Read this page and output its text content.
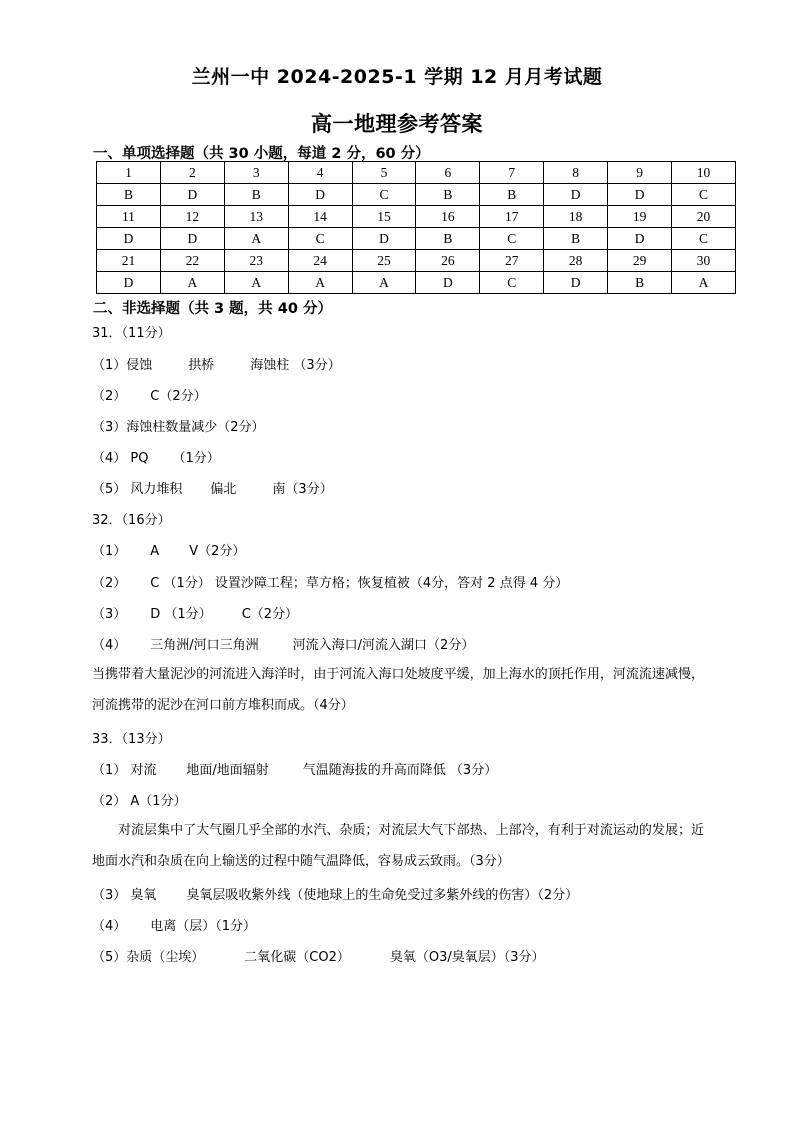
兰州一中 2024-2025-1 学期 12 月月考试题
高一地理参考答案
一、单项选择题（共 30 小题，每道 2 分，60 分）
1	2	3	4	5	6	7	8	9	10
B	D	B	D	C	B	B	D	D	C
11	12	13	14	15	16	17	18	19	20
D	D	A	C	D	B	C	B	D	C
21	22	23	24	25	26	27	28	29	30
D	A	A	A	A	D	C	D	B	A
二、非选择题（共 3 题，共 40 分）
31．（11分）
（1）侵蚀	拱桥	海蚀柱 （3分）
（2） C（2分）
（3）海蚀柱数量减少（2分）
（4） PQ （1分）
（5） 风力堆积 偏北	南（3分）
32．（16分）
（1） A V（2分）
（2） C （1分） 设置沙障工程；草方格；恢复植被（4分，答对 2 点得 4 分）
（3） D （1分） C（2分）
（4） 三角洲/河口三角洲	河流入海口/河流入湖口（2分）
当携带着大量泥沙的河流进入海洋时，由于河流入海口处坡度平缓，加上海水的顶托作用，河流流速减慢，河流携带的泥沙在河口前方堆积而成。（4分）
33．（13分）
（1） 对流 地面/地面辐射	气温随海拔的升高而降低 （3分）
（2） A（1分）
对流层集中了大气圈几乎全部的水汽、杂质；对流层大气下部热、上部冷，有利于对流运动的发展；近地面水汽和杂质在向上输送的过程中随气温降低，容易成云致雨。（3分）
（3） 臭氧 臭氧层吸收紫外线（使地球上的生命免受过多紫外线的伤害）（2分）
（4） 电离（层）（1分）
（5）杂质（尘埃）	二氧化碳（CO2）	臭氧（O3/臭氧层）（3分）
